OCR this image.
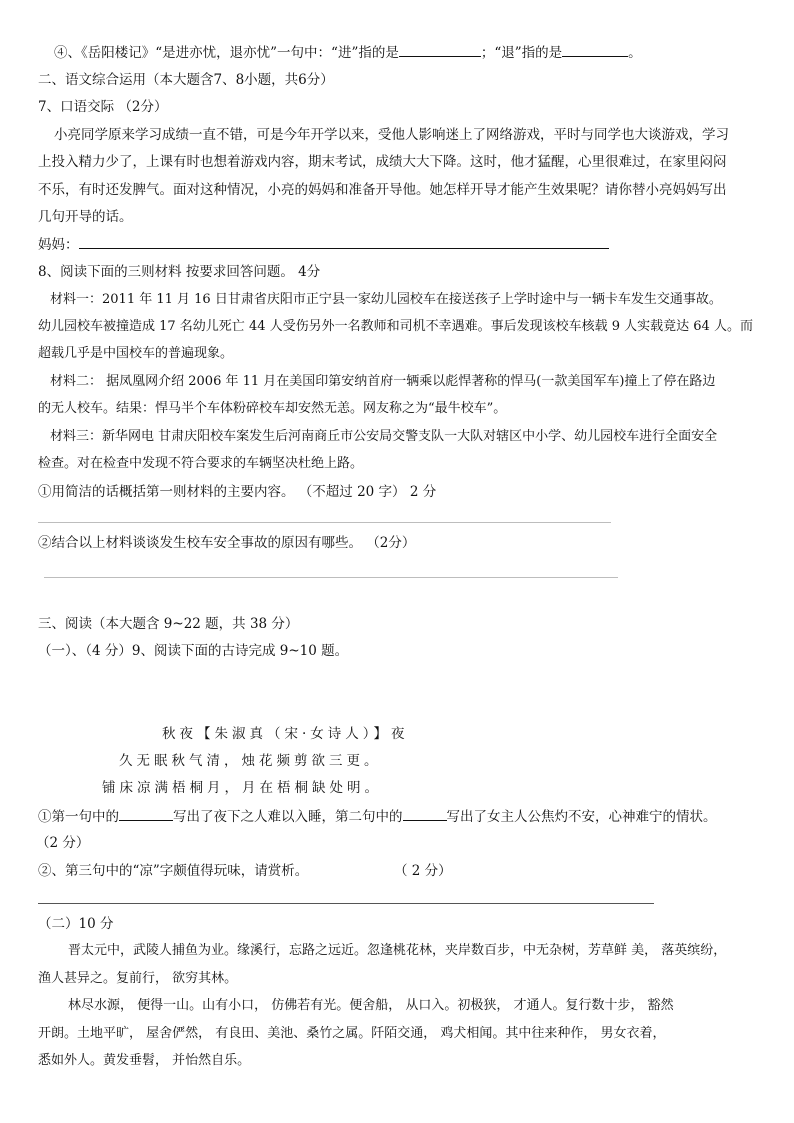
④、《岳阳楼记》“是进亦忧，退亦忧”一句中：“进”指的是	；“退”指的是	。
二、语文综合运用（本大题含7、8小题，共6分）
7、口语交际 （2分）
小亮同学原来学习成绩一直不错，可是今年开学以来，受他人影响迷上了网络游戏，平时与同学也大谈游戏，学习
上投入精力少了，上课有时也想着游戏内容，期末考试，成绩大大下降。这时，他才猛醒，心里很难过，在家里闷闷
不乐，有时还发脾气。面对这种情况，小亮的妈妈和准备开导他。她怎样开导才能产生效果呢？请你替小亮妈妈写出
几句开导的话。
妈妈：
8、阅读下面的三则材料 按要求回答问题。 4分
材料一：2011 年 11 月 16 日甘肃省庆阳市正宁县一家幼儿园校车在接送孩子上学时途中与一辆卡车发生交通事故。
幼儿园校车被撞造成 17 名幼儿死亡 44 人受伤另外一名教师和司机不幸遇难。事后发现该校车核载 9 人实载竟达 64 人。而
超载几乎是中国校车的普遍现象。
材料二： 据凤凰网介绍 2006 年 11 月在美国印第安纳首府一辆乘以彪悍著称的悍马(一款美国军车)撞上了停在路边
的无人校车。结果：悍马半个车体粉碎校车却安然无恙。网友称之为“最牛校车”。
材料三：新华网电 甘肃庆阳校车案发生后河南商丘市公安局交警支队一大队对辖区中小学、幼儿园校车进行全面安全
检查。对在检查中发现不符合要求的车辆坚决杜绝上路。
①用简洁的话概括第一则材料的主要内容。 （不超过 20 字） 2 分
②结合以上材料谈谈发生校车安全事故的原因有哪些。 （2分）
三、阅读（本大题含 9~22 题，共 38 分）
（一）、（4 分）9、阅读下面的古诗完成 9~10 题。
秋夜【朱淑真（宋·女诗人）】夜
久无眠秋气清，烛花频剪欲三更。
铺床凉满梧桐月，月在梧桐缺处明。
①第一句中的	写出了夜下之人难以入睡，第二句中的	写出了女主人公焦灼不安，心神难宁的情状。
（2 分）
②、第三句中的“凉”字颇值得玩味，请赏析。	（ 2 分）
（二）10 分
晋太元中，武陵人捕鱼为业。缘溪行，忘路之远近。忽逢桃花林，夹岸数百步，中无杂树，芳草鲜 美， 落英缤纷，
渔人甚异之。复前行， 欲穷其林。
林尽水源， 便得一山。山有小口， 仿佛若有光。便舍船， 从口入。初极狭， 才通人。复行数十步， 豁然
开朗。土地平旷， 屋舍俨然， 有良田、美池、桑竹之属。阡陌交通， 鸡犬相闻。其中往来种作， 男女衣着，
悉如外人。黄发垂髫， 并怡然自乐。
